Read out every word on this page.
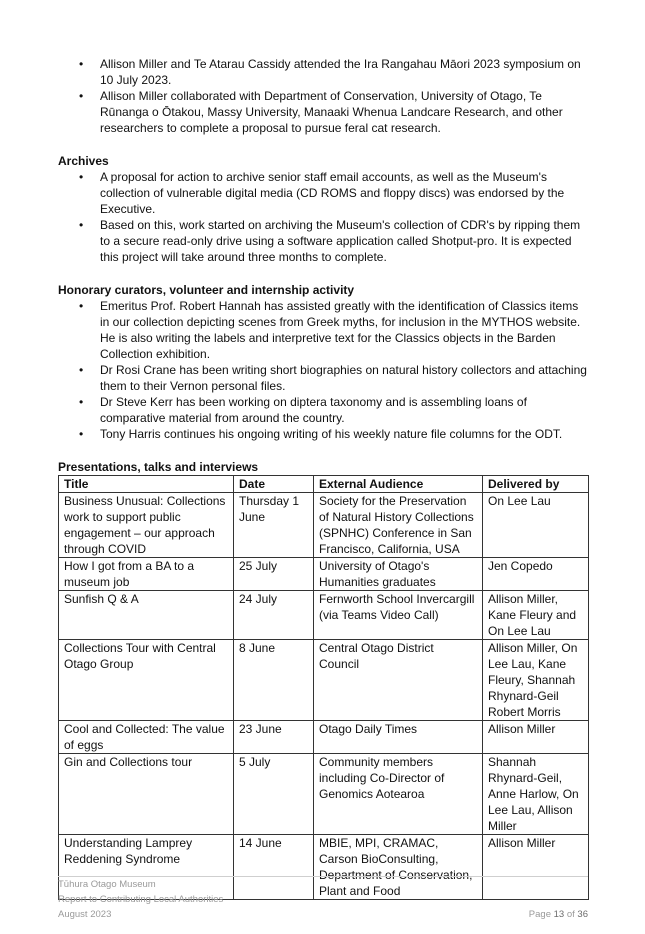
• Allison Miller and Te Atarau Cassidy attended the Ira Rangahau Māori 2023 symposium on 10 July 2023.
• Allison Miller collaborated with Department of Conservation, University of Otago, Te Rūnanga o Ōtakou, Massy University, Manaaki Whenua Landcare Research, and other researchers to complete a proposal to pursue feral cat research.
Archives
• A proposal for action to archive senior staff email accounts, as well as the Museum's collection of vulnerable digital media (CD ROMS and floppy discs) was endorsed by the Executive.
• Based on this, work started on archiving the Museum's collection of CDR's by ripping them to a secure read-only drive using a software application called Shotput-pro. It is expected this project will take around three months to complete.
Honorary curators, volunteer and internship activity
• Emeritus Prof. Robert Hannah has assisted greatly with the identification of Classics items in our collection depicting scenes from Greek myths, for inclusion in the MYTHOS website. He is also writing the labels and interpretive text for the Classics objects in the Barden Collection exhibition.
• Dr Rosi Crane has been writing short biographies on natural history collectors and attaching them to their Vernon personal files.
• Dr Steve Kerr has been working on diptera taxonomy and is assembling loans of comparative material from around the country.
• Tony Harris continues his ongoing writing of his weekly nature file columns for the ODT.
Presentations, talks and interviews
Title	Date	External Audience	Delivered by
Business Unusual: Collections work to support public engagement – our approach through COVID	Thursday 1 June	Society for the Preservation of Natural History Collections (SPNHC) Conference in San Francisco, California, USA	On Lee Lau
How I got from a BA to a museum job	25 July	University of Otago's Humanities graduates	Jen Copedo
Sunfish Q & A	24 July	Fernworth School Invercargill (via Teams Video Call)	Allison Miller, Kane Fleury and On Lee Lau
Collections Tour with Central Otago Group	8 June	Central Otago District Council	Allison Miller, On Lee Lau, Kane Fleury, Shannah Rhynard-Geil Robert Morris
Cool and Collected: The value of eggs	23 June	Otago Daily Times	Allison Miller
Gin and Collections tour	5 July	Community members including Co-Director of Genomics Aotearoa	Shannah Rhynard-Geil, Anne Harlow, On Lee Lau, Allison Miller
Understanding Lamprey Reddening Syndrome	14 June	MBIE, MPI, CRAMAC, Carson BioConsulting, Department of Conservation, Plant and Food	Allison Miller
Tūhura Otago Museum
Report to Contributing Local Authorities
August 2023	Page 13 of 36
